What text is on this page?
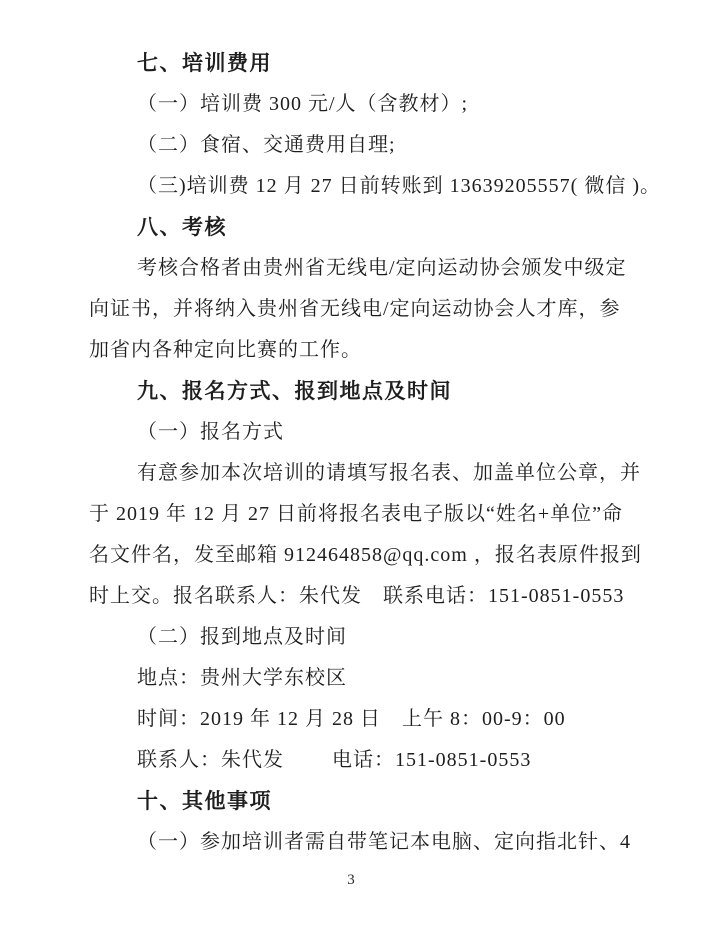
七、培训费用
（一）培训费 300 元/人（含教材）;
（二）食宿、交通费用自理;
（三)培训费 12 月 27 日前转账到 13639205557( 微信 )。
八、考核
考核合格者由贵州省无线电/定向运动协会颁发中级定
向证书，并将纳入贵州省无线电/定向运动协会人才库，参
加省内各种定向比赛的工作。
九、报名方式、报到地点及时间
（一）报名方式
有意参加本次培训的请填写报名表、加盖单位公章，并
于 2019 年 12 月 27 日前将报名表电子版以“姓名+单位”命
名文件名，发至邮箱 912464858@qq.com ，报名表原件报到
时上交。报名联系人：朱代发　联系电话：151-0851-0553
（二）报到地点及时间
地点：贵州大学东校区
时间：2019 年 12 月 28 日　上午 8：00-9：00
联系人：朱代发　　 电话：151-0851-0553
十、其他事项
（一）参加培训者需自带笔记本电脑、定向指北针、4
3
